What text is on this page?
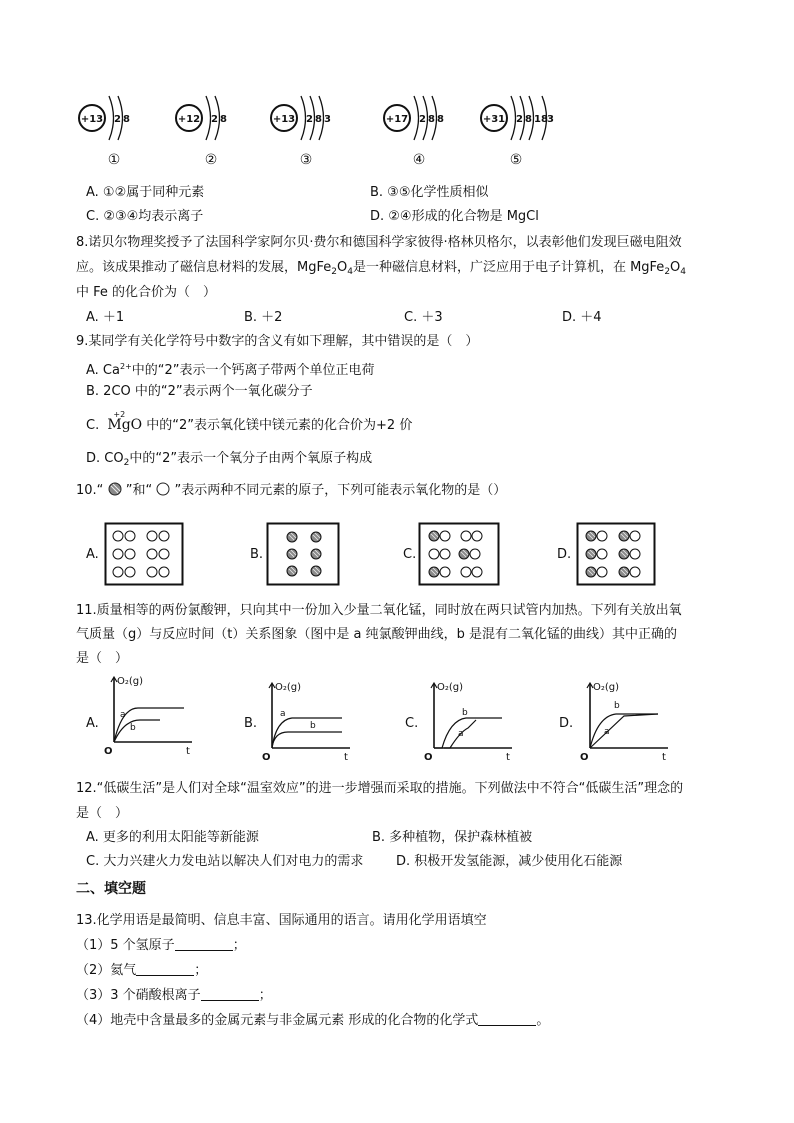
+13 2 8
①
+12 2 8
②
+13 2 8 3
③
+17 2 8 8
④
+31 2 8 18 3
⑤
A. ①②属于同种元素	B. ③⑤化学性质相似
C. ②③④均表示离子	D. ②④形成的化合物是 MgCl
8.诺贝尔物理奖授予了法国科学家阿尔贝·费尔和德国科学家彼得·格林贝格尔，以表彰他们发现巨磁电阻效
应。该成果推动了磁信息材料的发展，$MgFe_2O_4$是一种磁信息材料，广泛应用于电子计算机，在 $MgFe_2O_4$
中 Fe 的化合价为（　）
A. ＋1	B. ＋2	C. ＋3	D. ＋4
9.某同学有关化学符号中数字的含义有如下理解，其中错误的是（　）
A. $Ca^{2+}$中的“2”表示一个钙离子带两个单位正电荷
B. 2CO 中的“2”表示两个一氧化碳分子
C.
+2
MgO 中的“2”表示氧化镁中镁元素的化合价为+2 价
D. $CO_2$中的“2”表示一个氧分子由两个氧原子构成
10.“ ”和“ ”表示两种不同元素的原子，下列可能表示氧化物的是（）
A.	B.	C.	D.
11.质量相等的两份氯酸钾，只向其中一份加入少量二氧化锰，同时放在两只试管内加热。下列有关放出氧
气质量（g）与反应时间（t）关系图象（图中是 a 纯氯酸钾曲线，b 是混有二氧化锰的曲线）其中正确的
是（　）
A.	B.	C.	D.
O₂(g)
t
O
a
b
O₂(g)
t
O
a
b
O₂(g)
t
O
b
a
O₂(g)
t
O
b
a
12.“低碳生活”是人们对全球“温室效应”的进一步增强而采取的措施。下列做法中不符合“低碳生活”理念的
是（　）
A. 更多的利用太阳能等新能源	B. 多种植物，保护森林植被
C. 大力兴建火力发电站以解决人们对电力的需求	D. 积极开发氢能源，减少使用化石能源
二、填空题
13.化学用语是最简明、信息丰富、国际通用的语言。请用化学用语填空
（1）5 个氢原子	；
（2）氦气	；
（3）3 个硝酸根离子	；
（4）地壳中含量最多的金属元素与非金属元素 形成的化合物的化学式	。
